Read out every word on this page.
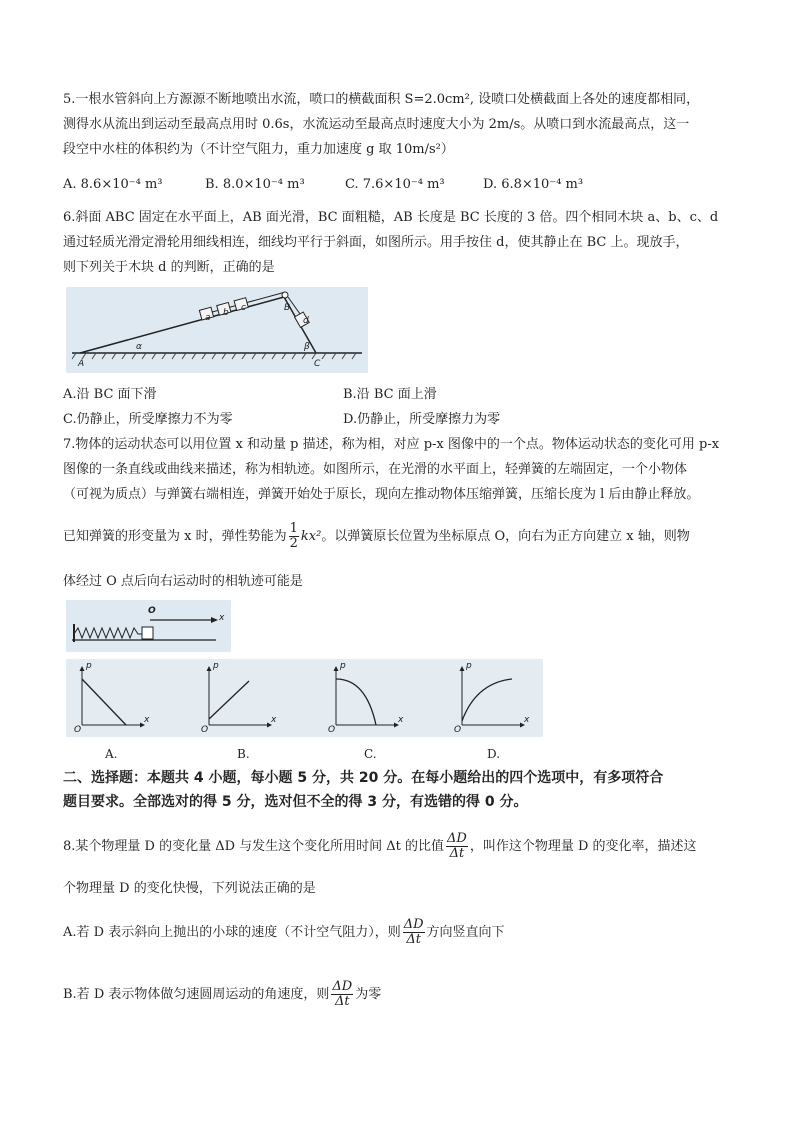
5.一根水管斜向上方源源不断地喷出水流，喷口的横截面积 S=2.0cm², 设喷口处横截面上各处的速度都相同，
测得水从流出到运动至最高点用时 0.6s，水流运动至最高点时速度大小为 2m/s。从喷口到水流最高点，这一
段空中水柱的体积约为（不计空气阻力，重力加速度 g 取 10m/s²）
A. 8.6×10⁻⁴ m³	B. 8.0×10⁻⁴ m³	C. 7.6×10⁻⁴ m³	D. 6.8×10⁻⁴ m³
6.斜面 ABC 固定在水平面上，AB 面光滑，BC 面粗糙，AB 长度是 BC 长度的 3 倍。四个相同木块 a、b、c、d
通过轻质光滑定滑轮用细线相连，细线均平行于斜面，如图所示。用手按住 d，使其静止在 BC 上。现放手，
则下列关于木块 d 的判断，正确的是
a b c
d
A
B
C
α	β
A.沿 BC 面下滑	B.沿 BC 面上滑
C.仍静止，所受摩擦力不为零	D.仍静止，所受摩擦力为零
7.物体的运动状态可以用位置 x 和动量 p 描述，称为相，对应 p-x 图像中的一个点。物体运动状态的变化可用 p-x
图像的一条直线或曲线来描述，称为相轨迹。如图所示，在光滑的水平面上，轻弹簧的左端固定，一个小物体
（可视为质点）与弹簧右端相连，弹簧开始处于原长，现向左推动物体压缩弹簧，压缩长度为 l 后由静止释放。
已知弹簧的形变量为 x 时，弹性势能为 $\frac{1}{2} kx^2$。以弹簧原长位置为坐标原点 O，向右为正方向建立 x 轴，则物
体经过 O 点后向右运动时的相轨迹可能是
O
x
p
x
O
p
x
O
p
x
O
p
x
O
A.	B.	C.	D.
二、选择题：本题共 4 小题，每小题 5 分，共 20 分。在每小题给出的四个选项中，有多项符合
题目要求。全部选对的得 5 分，选对但不全的得 3 分，有选错的得 0 分。
8.某个物理量 D 的变化量 ΔD 与发生这个变化所用时间 Δt 的比值 $\frac{\Delta D}{\Delta t}$ ，叫作这个物理量 D 的变化率，描述这
个物理量 D 的变化快慢，下列说法正确的是
A.若 D 表示斜向上抛出的小球的速度（不计空气阻力），则 $\frac{\Delta D}{\Delta t}$ 方向竖直向下
B.若 D 表示物体做匀速圆周运动的角速度，则 $\frac{\Delta D}{\Delta t}$ 为零
